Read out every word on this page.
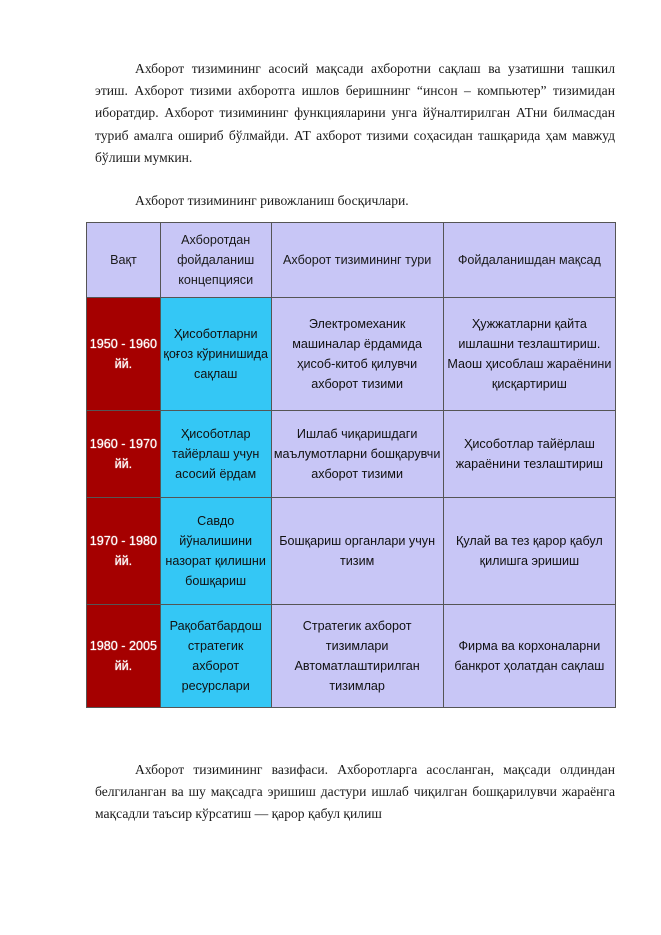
Ахборот тизимининг асосий мақсади ахборотни сақлаш ва узатишни ташкил этиш. Ахборот тизими ахборотга ишлов беришнинг “инсон – компьютер” тизимидан иборатдир. Ахборот тизимининг функцияларини унга йўналтирилган АТни билмасдан туриб амалга ошириб бўлмайди. АТ ахборот тизими соҳасидан ташқарида ҳам мавжуд бўлиши мумкин.

Ахборот тизимининг ривожланиш босқичлари.

Вақт	Ахборотдан фойдаланиш концепцияси	Ахборот тизимининг тури	Фойдаланишдан мақсад
1950 - 1960 йй.	Ҳисоботларни қоғоз кўринишида сақлаш	Электромеханик машиналар ёрдамида ҳисоб-китоб қилувчи ахборот тизими	Ҳужжатларни қайта ишлашни тезлаштириш. Маош ҳисоблаш жараёнини қисқартириш
1960 - 1970 йй.	Ҳисоботлар тайёрлаш учун асосий ёрдам	Ишлаб чиқаришдаги маълумотларни бошқарувчи ахборот тизими	Ҳисоботлар тайёрлаш жараёнини тезлаштириш
1970 - 1980 йй.	Савдо йўналишини назорат қилишни бошқариш	Бошқариш органлари учун тизим	Қулай ва тез қарор қабул қилишга эришиш
1980 - 2005 йй.	Рақобатбардош стратегик ахборот ресурслари	Стратегик ахборот тизимлари Автоматлаштирилган тизимлар	Фирма ва корхоналарни банкрот ҳолатдан сақлаш

Ахборот тизимининг вазифаси. Ахборотларга асосланган, мақсади олдиндан белгиланган ва шу мақсадга эришиш дастури ишлаб чиқилган бошқарилувчи жараёнга мақсадли таъсир кўрсатиш — қарор қабул қилиш
